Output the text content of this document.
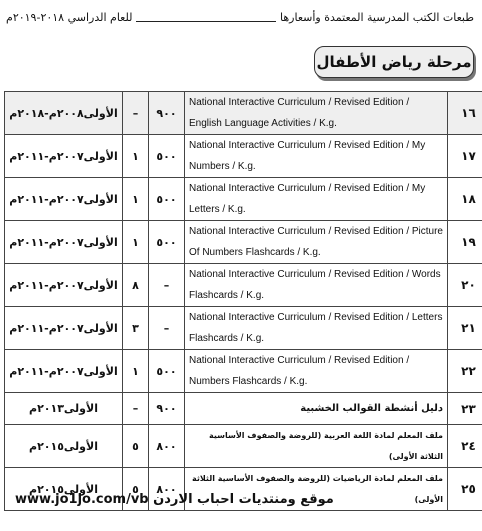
طبعات الكتب المدرسية المعتمدة وأسعارها
للعام الدراسي ٢٠١٨-٢٠١٩م
مرحلة رياض الأطفال
الأولى٢٠٠٨م-٢٠١٨م	–	٩٠٠	National Interactive Curriculum / Revised Edition / English Language Activities / K.g.	١٦
الأولى٢٠٠٧م-٢٠١١م	١	٥٠٠	National Interactive Curriculum / Revised Edition / My Numbers / K.g.	١٧
الأولى٢٠٠٧م-٢٠١١م	١	٥٠٠	National Interactive Curriculum / Revised Edition / My Letters / K.g.	١٨
الأولى٢٠٠٧م-٢٠١١م	١	٥٠٠	National Interactive Curriculum / Revised Edition / Picture Of Numbers Flashcards / K.g.	١٩
الأولى٢٠٠٧م-٢٠١١م	٨	–	National Interactive Curriculum / Revised Edition / Words Flashcards / K.g.	٢٠
الأولى٢٠٠٧م-٢٠١١م	٣	–	National Interactive Curriculum / Revised Edition / Letters Flashcards / K.g.	٢١
الأولى٢٠٠٧م-٢٠١١م	١	٥٠٠	National Interactive Curriculum / Revised Edition / Numbers Flashcards / K.g.	٢٢
الأولى٢٠١٣م	–	٩٠٠	دليل أنشطة القوالب الخشبية	٢٣
الأولى٢٠١٥م	٥	٨٠٠	ملف المعلم لمادة اللغة العربية (للروضة والصفوف الأساسية الثلاثة الأولى)	٢٤
الأولى٢٠١٥م	٥	٨٠٠	ملف المعلم لمادة الرياضيات (للروضة والصفوف الأساسية الثلاثة الأولى)	٢٥
موقع ومنتديات احباب الاردن www.jo1jo.com/vb
